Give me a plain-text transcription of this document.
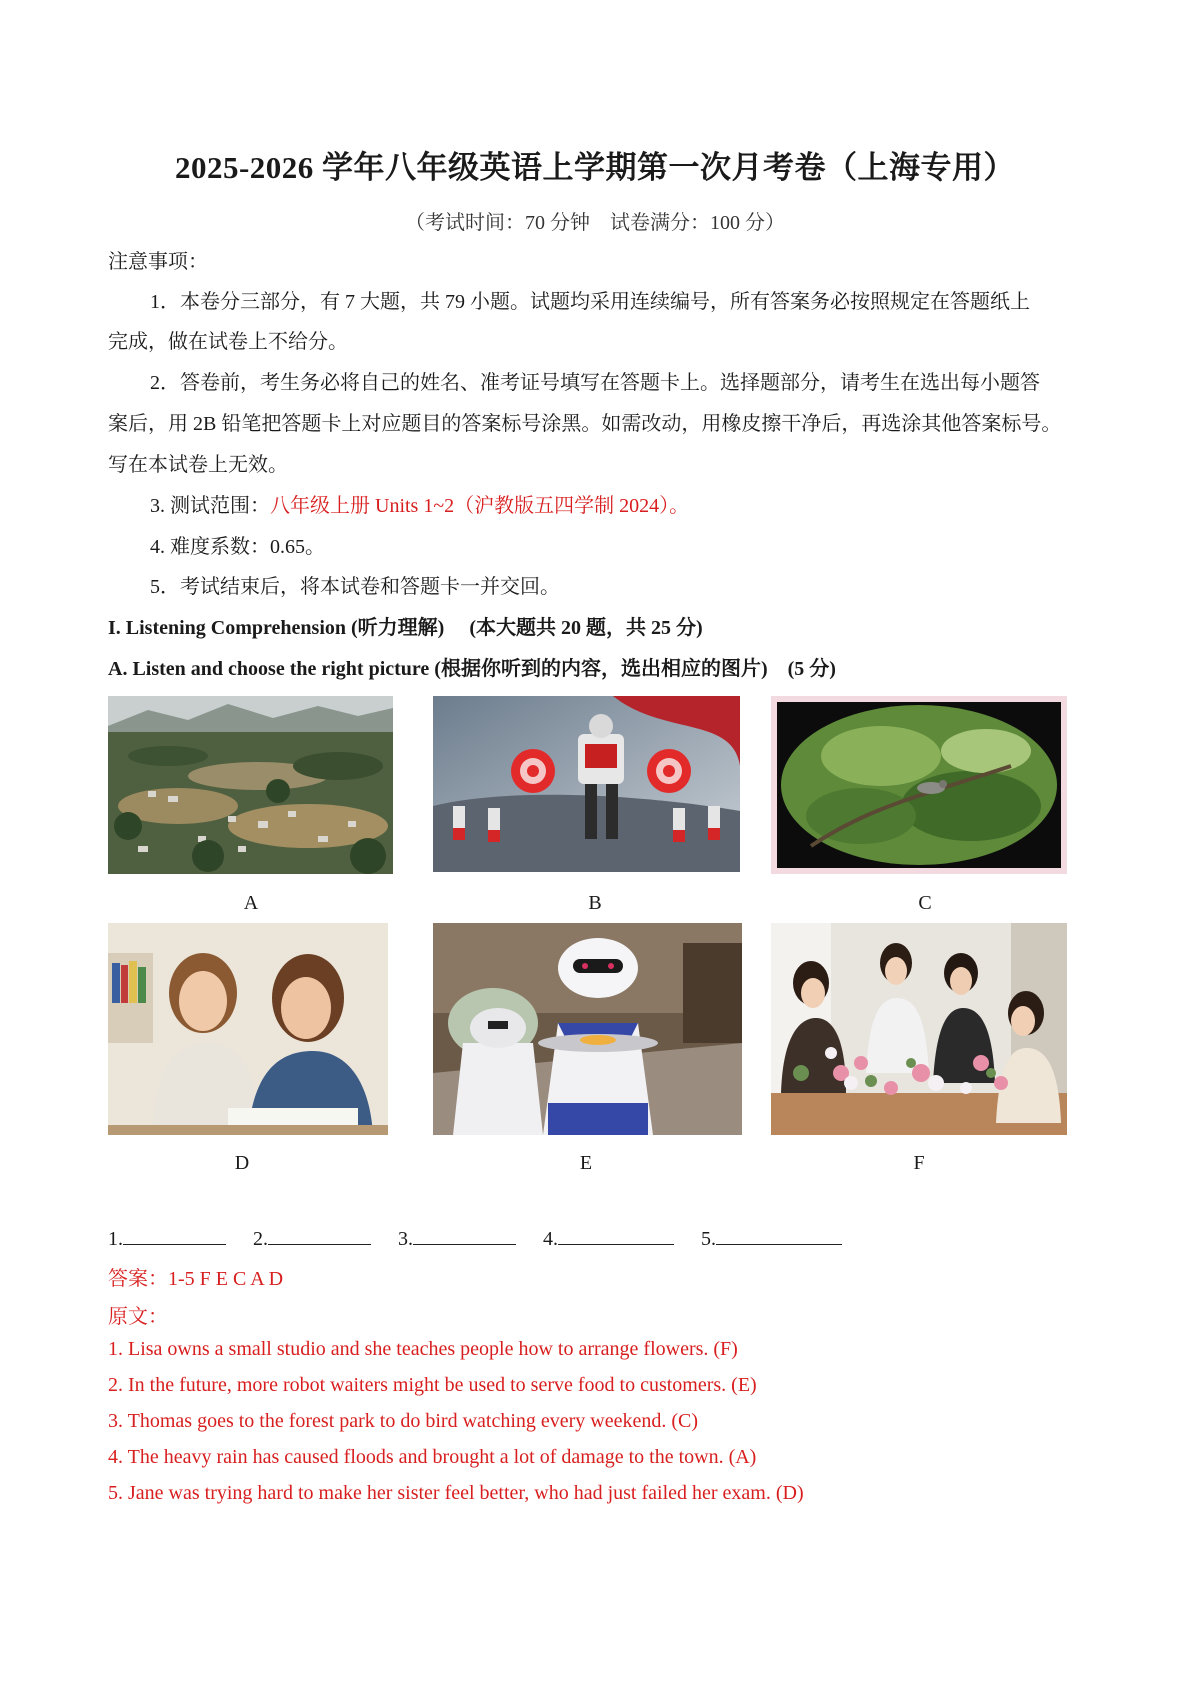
2025-2026 学年八年级英语上学期第一次月考卷（上海专用）
（考试时间：70 分钟　试卷满分：100 分）
注意事项：
1．本卷分三部分，有 7 大题，共 79 小题。试题均采用连续编号，所有答案务必按照规定在答题纸上
完成，做在试卷上不给分。
2．答卷前，考生务必将自己的姓名、准考证号填写在答题卡上。选择题部分，请考生在选出每小题答
案后，用 2B 铅笔把答题卡上对应题目的答案标号涂黑。如需改动，用橡皮擦干净后，再选涂其他答案标号。
写在本试卷上无效。
3. 测试范围：八年级上册 Units 1~2（沪教版五四学制 2024）。
4. 难度系数：0.65。
5．考试结束后，将本试卷和答题卡一并交回。
I. Listening Comprehension (听力理解)　 (本大题共 20 题，共 25 分)
A. Listen and choose the right picture (根据你听到的内容，选出相应的图片)　(5 分)
A	B	C
D	E	F
1.	2.	3.	4.	5.
答案：1-5 F E C A D
原文：
1. Lisa owns a small studio and she teaches people how to arrange flowers. (F)
2. In the future, more robot waiters might be used to serve food to customers. (E)
3. Thomas goes to the forest park to do bird watching every weekend. (C)
4. The heavy rain has caused floods and brought a lot of damage to the town. (A)
5. Jane was trying hard to make her sister feel better, who had just failed her exam. (D)
